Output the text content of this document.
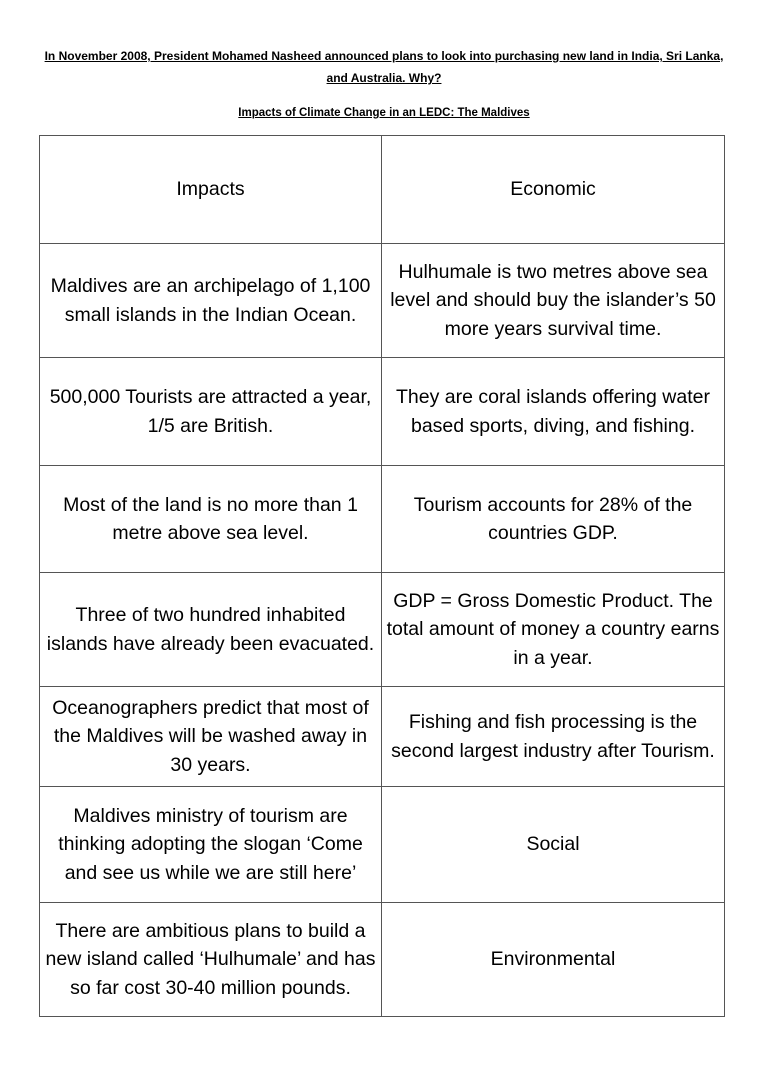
In November 2008, President Mohamed Nasheed announced plans to look into purchasing new land in India, Sri Lanka, and Australia. Why?
Impacts of Climate Change in an LEDC: The Maldives
Impacts	Economic
Maldives are an archipelago of 1,100 small islands in the Indian Ocean.	Hulhumale is two metres above sea level and should buy the islander’s 50 more years survival time.
500,000 Tourists are attracted a year, 1/5 are British.	They are coral islands offering water based sports, diving, and fishing.
Most of the land is no more than 1 metre above sea level.	Tourism accounts for 28% of the countries GDP.
Three of two hundred inhabited islands have already been evacuated.	GDP = Gross Domestic Product. The total amount of money a country earns in a year.
Oceanographers predict that most of the Maldives will be washed away in 30 years.	Fishing and fish processing is the second largest industry after Tourism.
Maldives ministry of tourism are thinking adopting the slogan ‘Come and see us while we are still here’	Social
There are ambitious plans to build a new island called ‘Hulhumale’ and has so far cost 30-40 million pounds.	Environmental
